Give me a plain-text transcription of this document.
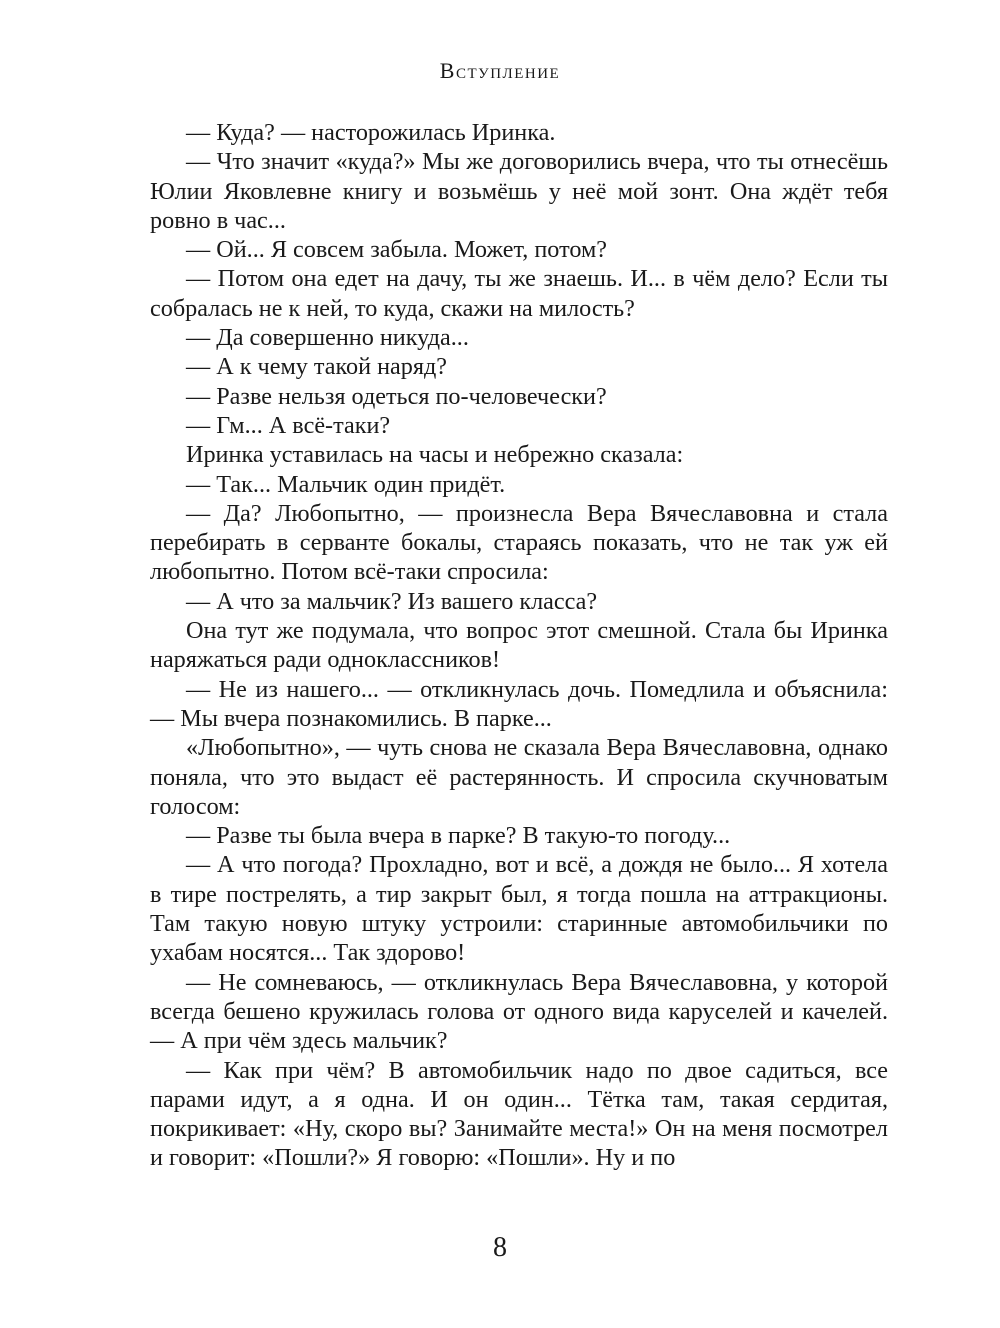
Вступление

— Куда? — насторожилась Иринка.

— Что значит «куда?» Мы же договорились вчера, что ты отнесёшь Юлии Яковлевне книгу и возьмёшь у неё мой зонт. Она ждёт тебя ровно в час...

— Ой... Я совсем забыла. Может, потом?

— Потом она едет на дачу, ты же знаешь. И... в чём дело? Если ты собралась не к ней, то куда, скажи на милость?

— Да совершенно никуда...

— А к чему такой наряд?

— Разве нельзя одеться по-человечески?

— Гм... А всё-таки?

Иринка уставилась на часы и небрежно сказала:

— Так... Мальчик один придёт.

— Да? Любопытно, — произнесла Вера Вячеславовна и стала перебирать в серванте бокалы, стараясь показать, что не так уж ей любопытно. Потом всё-таки спросила:

— А что за мальчик? Из вашего класса?

Она тут же подумала, что вопрос этот смешной. Стала бы Иринка наряжаться ради одноклассников!

— Не из нашего... — откликнулась дочь. Помедлила и объяснила: — Мы вчера познакомились. В парке...

«Любопытно», — чуть снова не сказала Вера Вячеславовна, однако поняла, что это выдаст её растерянность. И спросила скучноватым голосом:

— Разве ты была вчера в парке? В такую-то погоду...

— А что погода? Прохладно, вот и всё, а дождя не было... Я хотела в тире пострелять, а тир закрыт был, я тогда пошла на аттракционы. Там такую новую штуку устроили: старинные автомобильчики по ухабам носятся... Так здорово!

— Не сомневаюсь, — откликнулась Вера Вячеславовна, у которой всегда бешено кружилась голова от одного вида каруселей и качелей. — А при чём здесь мальчик?

— Как при чём? В автомобильчик надо по двое садиться, все парами идут, а я одна. И он один... Тётка там, такая сердитая, покрикивает: «Ну, скоро вы? Занимайте места!» Он на меня посмотрел и говорит: «Пошли?» Я говорю: «Пошли». Ну и по

8
